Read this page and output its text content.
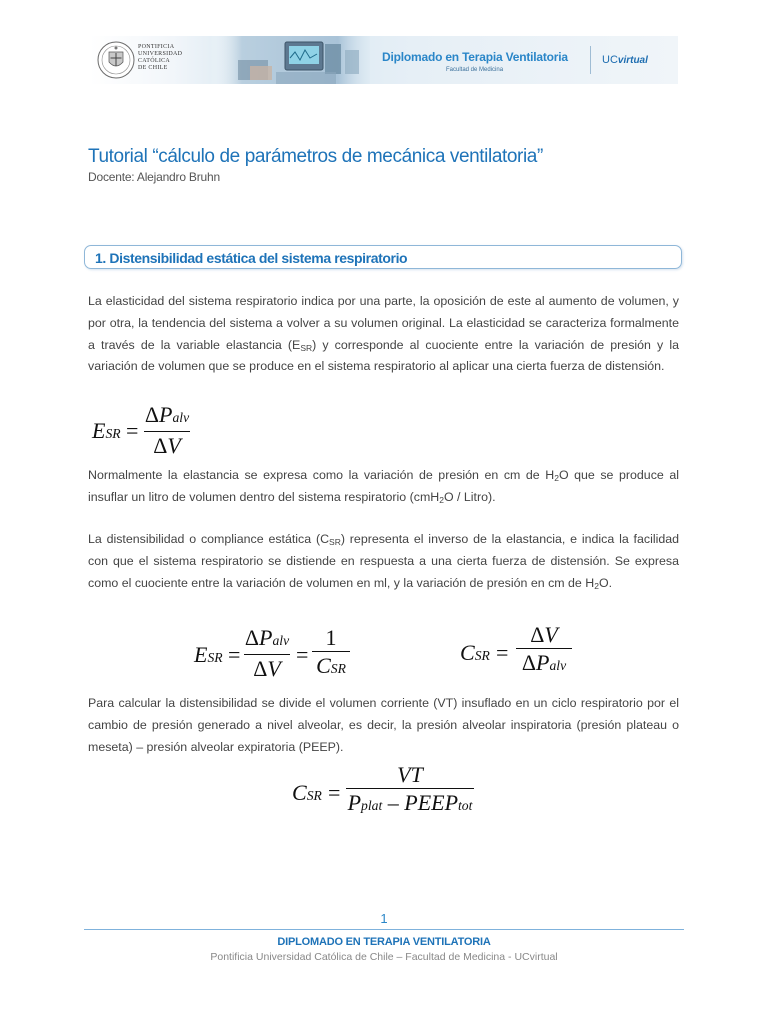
PONTIFICIA
UNIVERSIDAD
CATÓLICA
DE CHILE
Diplomado en Terapia Ventilatoria
Facultad de Medicina
UCvirtual
Tutorial “cálculo de parámetros de mecánica ventilatoria”
Docente: Alejandro Bruhn
1. Distensibilidad estática del sistema respiratorio
La elasticidad del sistema respiratorio indica por una parte, la oposición de este al aumento de volumen, y por otra, la tendencia del sistema a volver a su volumen original. La elasticidad se caracteriza formalmente a través de la variable elastancia $(E_{SR})$ y corresponde al cuociente entre la variación de presión y la variación de volumen que se produce en el sistema respiratorio al aplicar una cierta fuerza de distensión.
ESR =
ΔPalv
ΔV
Normalmente la elastancia se expresa como la variación de presión en cm de $H_2O$ que se produce al insuflar un litro de volumen dentro del sistema respiratorio (cmH$_2$O / Litro).
La distensibilidad o compliance estática $(C_{SR})$ representa el inverso de la elastancia, e indica la facilidad con que el sistema respiratorio se distiende en respuesta a una cierta fuerza de distensión. Se expresa como el cuociente entre la variación de volumen en ml, y la variación de presión en cm de $H_2O$.
ESR =
ΔPalv
ΔV
=
1
CSR
CSR =
ΔV
ΔPalv
Para calcular la distensibilidad se divide el volumen corriente (VT) insuflado en un ciclo respiratorio por el cambio de presión generado a nivel alveolar, es decir, la presión alveolar inspiratoria (presión plateau o meseta) – presión alveolar expiratoria (PEEP).
CSR =
VT
Pplat – PEEPtot
1
DIPLOMADO EN TERAPIA VENTILATORIA
Pontificia Universidad Católica de Chile – Facultad de Medicina - UCvirtual
